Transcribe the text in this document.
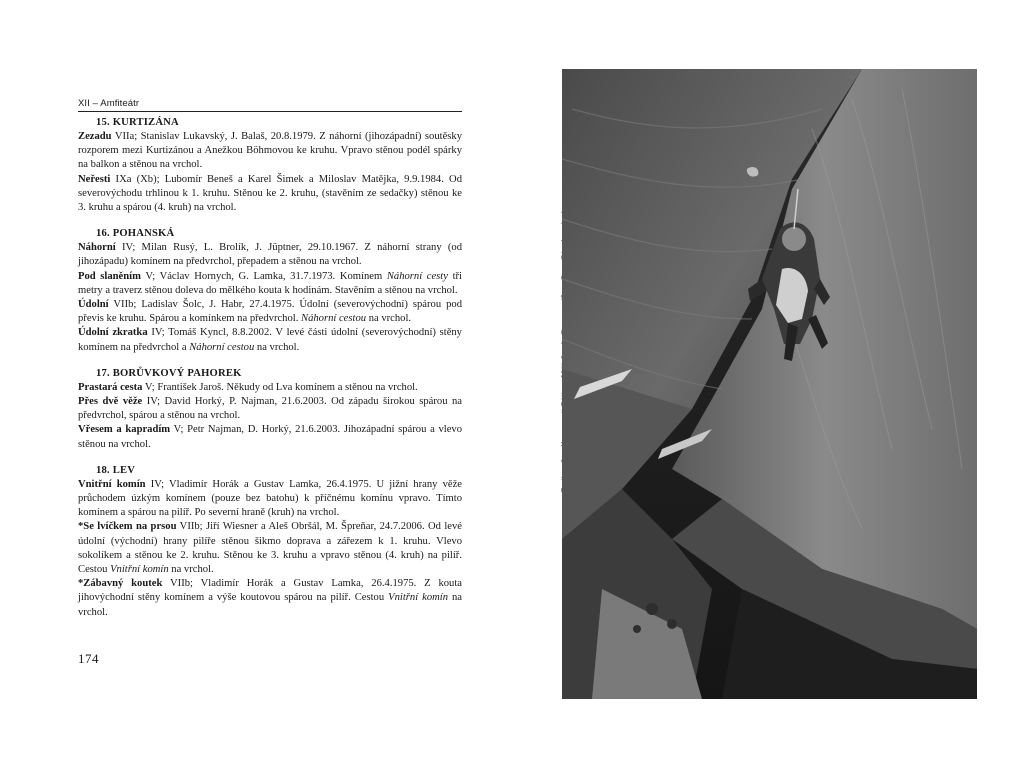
XII – Amfiteátr
15. KURTIZÁNA
Zezadu VIIa; Stanislav Lukavský, J. Balaš, 20.8.1979. Z náhorní (jihozápadní) soutěsky rozporem mezi Kurtizánou a Anežkou Böhmovou ke kruhu. Vpravo stěnou podél spárky na balkon a stěnou na vrchol.
Neřesti IXa (Xb); Lubomír Beneš a Karel Šimek a Miloslav Matějka, 9.9.1984. Od severovýchodu trhlinou k 1. kruhu. Stěnou ke 2. kruhu, (stavěním ze sedačky) stěnou ke 3. kruhu a spárou (4. kruh) na vrchol.
16. POHANSKÁ
Náhorní IV; Milan Rusý, L. Brolík, J. Jüptner, 29.10.1967. Z náhorní strany (od jihozápadu) komínem na předvrchol, přepadem a stěnou na vrchol.
Pod slaněním V; Václav Hornych, G. Lamka, 31.7.1973. Komínem Náhorní cesty tři metry a traverz stěnou doleva do mělkého kouta k hodinám. Stavěním a stěnou na vrchol.
Údolní VIIb; Ladislav Šolc, J. Habr, 27.4.1975. Údolní (severovýchodní) spárou pod převis ke kruhu. Spárou a komínkem na předvrchol. Náhorní cestou na vrchol.
Údolní zkratka IV; Tomáš Kyncl, 8.8.2002. V levé části údolní (severovýchodní) stěny komínem na předvrchol a Náhorní cestou na vrchol.
17. BORŮVKOVÝ PAHOREK
Prastará cesta V; František Jaroš. Někudy od Lva komínem a stěnou na vrchol.
Přes dvě věže IV; David Horký, P. Najman, 21.6.2003. Od západu širokou spárou na předvrchol, spárou a stěnou na vrchol.
Vřesem a kapradím V; Petr Najman, D. Horký, 21.6.2003. Jihozápadní spárou a vlevo stěnou na vrchol.
18. LEV
Vnitřní komín IV; Vladimír Horák a Gustav Lamka, 26.4.1975. U jižní hrany věže průchodem úzkým komínem (pouze bez batohu) k příčnému komínu vpravo. Tímto komínem a spárou na pilíř. Po severní hraně (kruh) na vrchol.
*Se lvíčkem na prsou VIIb; Jiří Wiesner a Aleš Obršál, M. Špreňar, 24.7.2006. Od levé údolní (východní) hrany pilíře stěnou šikmo doprava a zářezem k 1. kruhu. Vlevo sokolíkem a stěnou ke 2. kruhu. Stěnou ke 3. kruhu a vpravo stěnou (4. kruh) na pilíř. Cestou Vnitřní komín na vrchol.
*Zábavný koutek VIIb; Vladimír Horák a Gustav Lamka, 26.4.1975. Z kouta jihovýchodní stěny komínem a výše koutovou spárou na pilíř. Cestou Vnitřní komín na vrchol.
174
